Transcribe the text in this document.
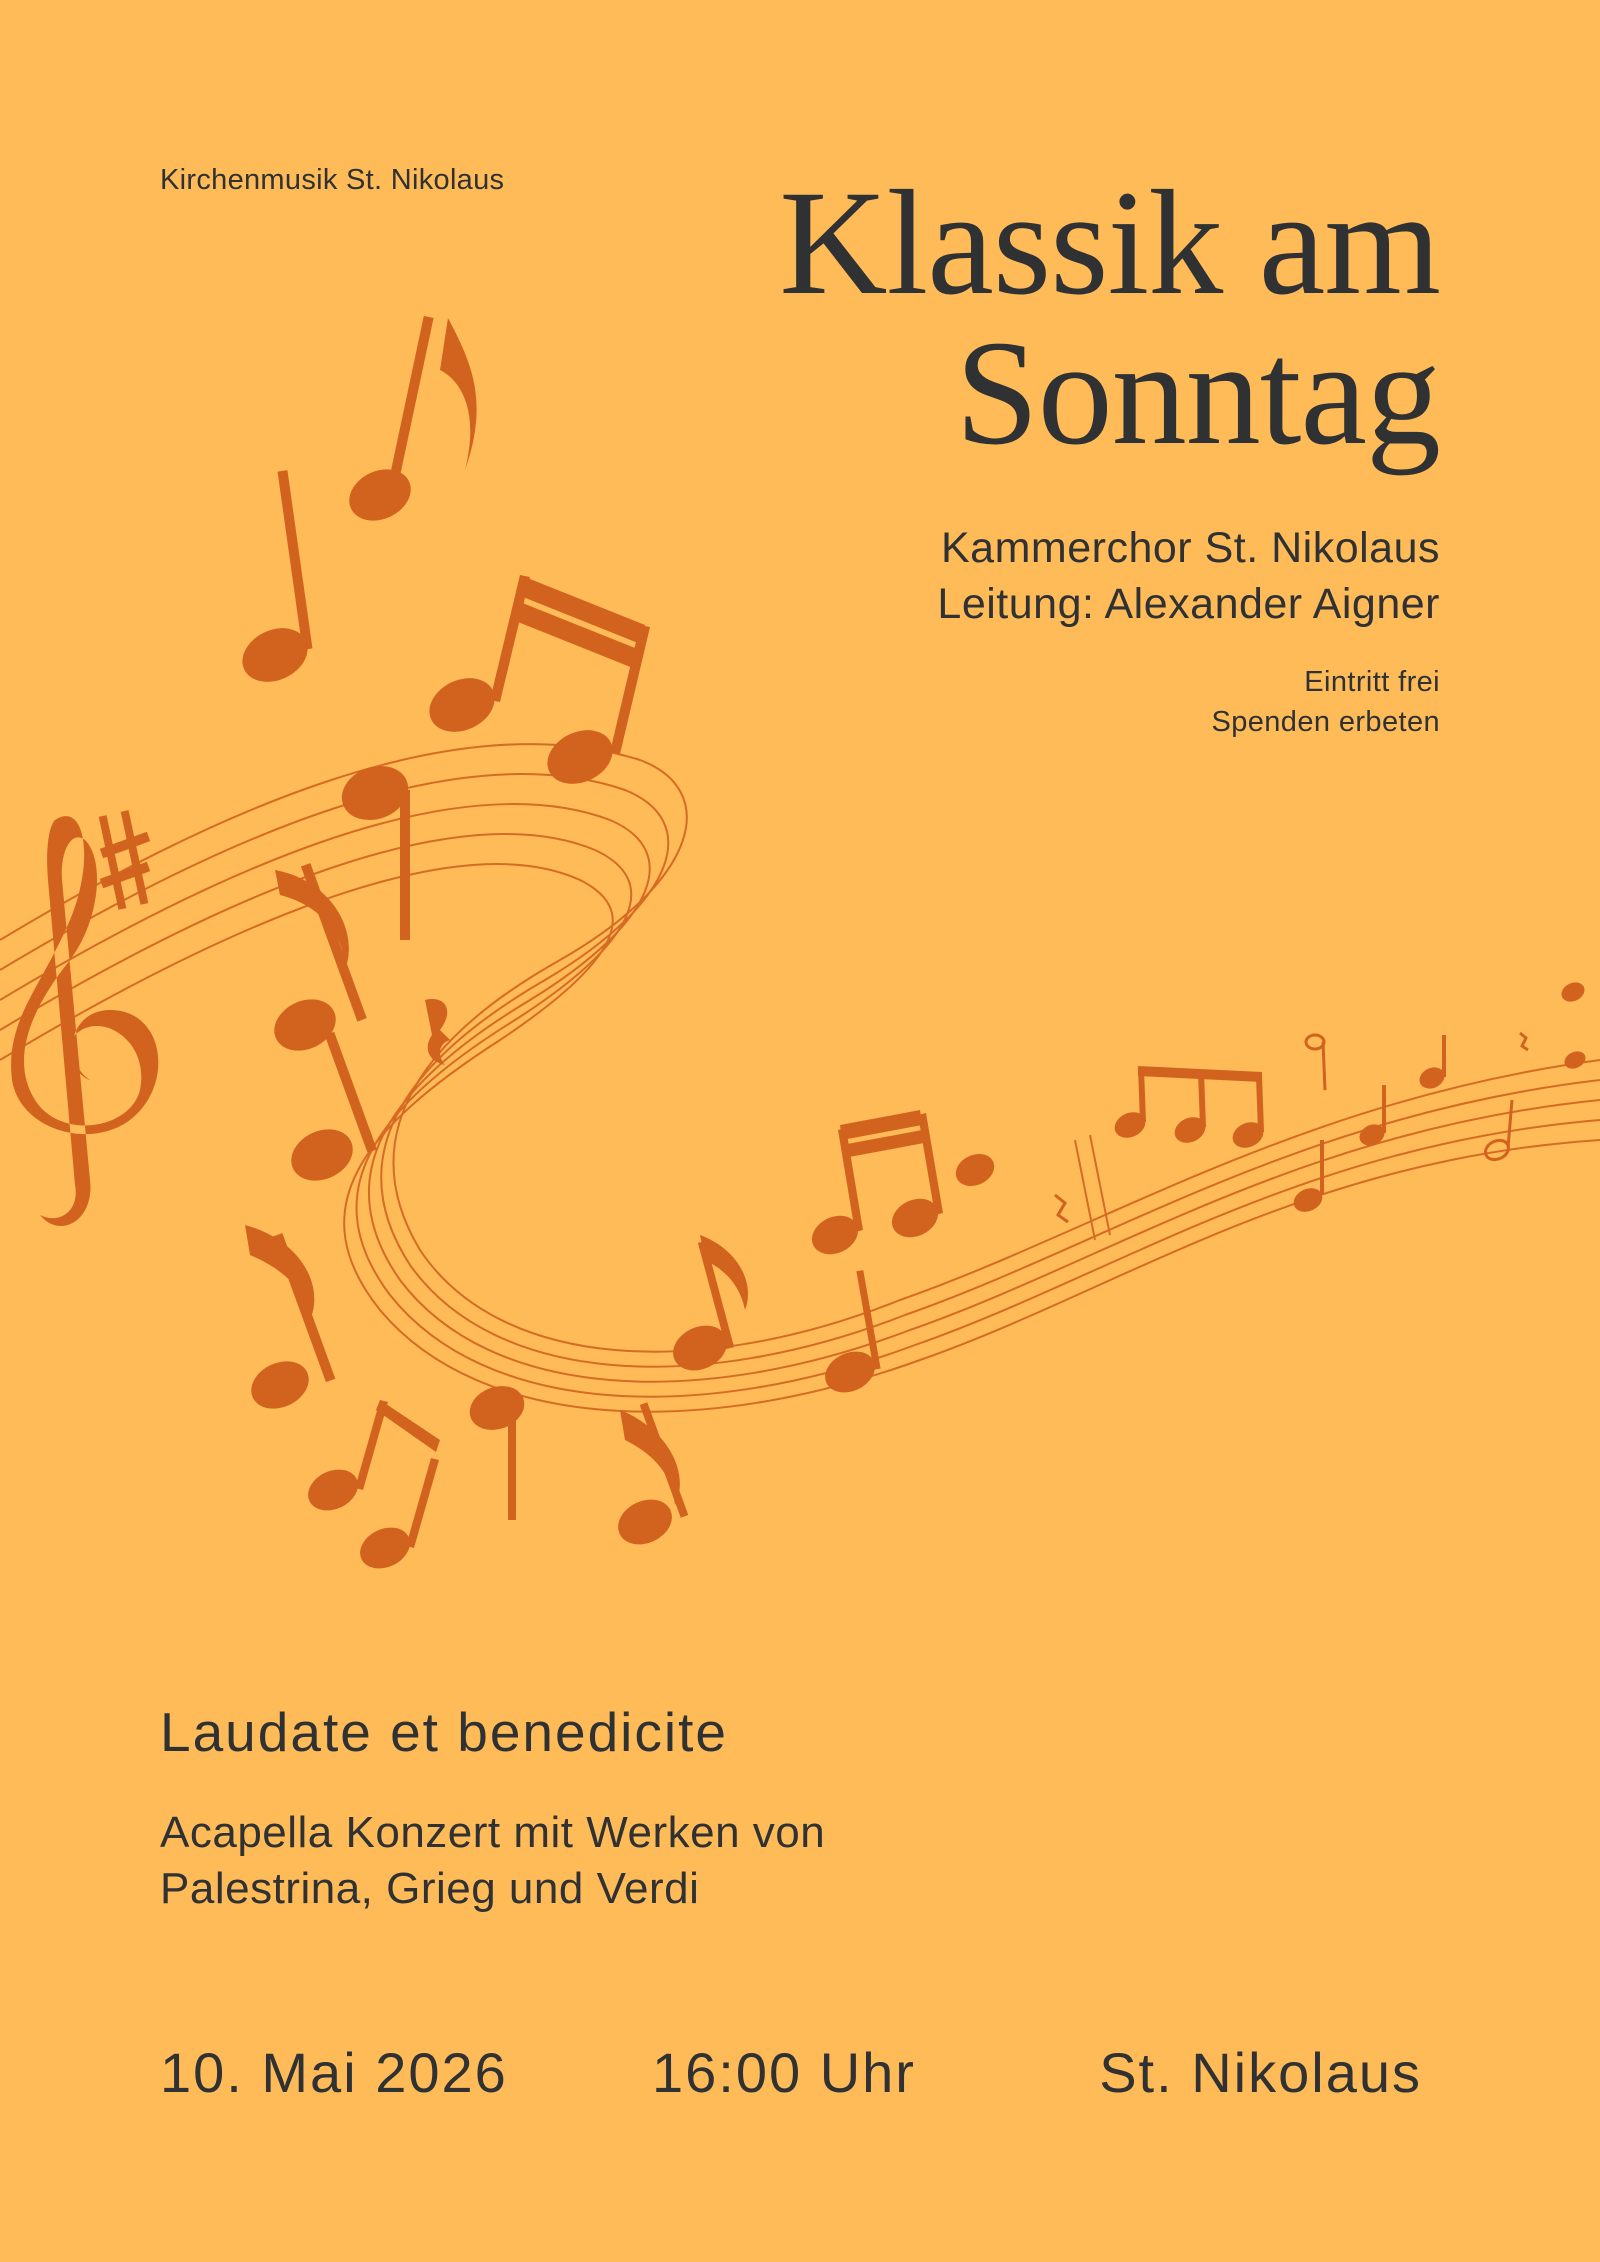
Kirchenmusik St. Nikolaus Klassik am
Sonntag
Kammerchor St. Nikolaus
Leitung: Alexander Aigner
Eintritt frei
Spenden erbeten
Laudate et benedicite
Acapella Konzert mit Werken von
Palestrina, Grieg und Verdi
10. Mai 2026	16:00 Uhr	St. Nikolaus
